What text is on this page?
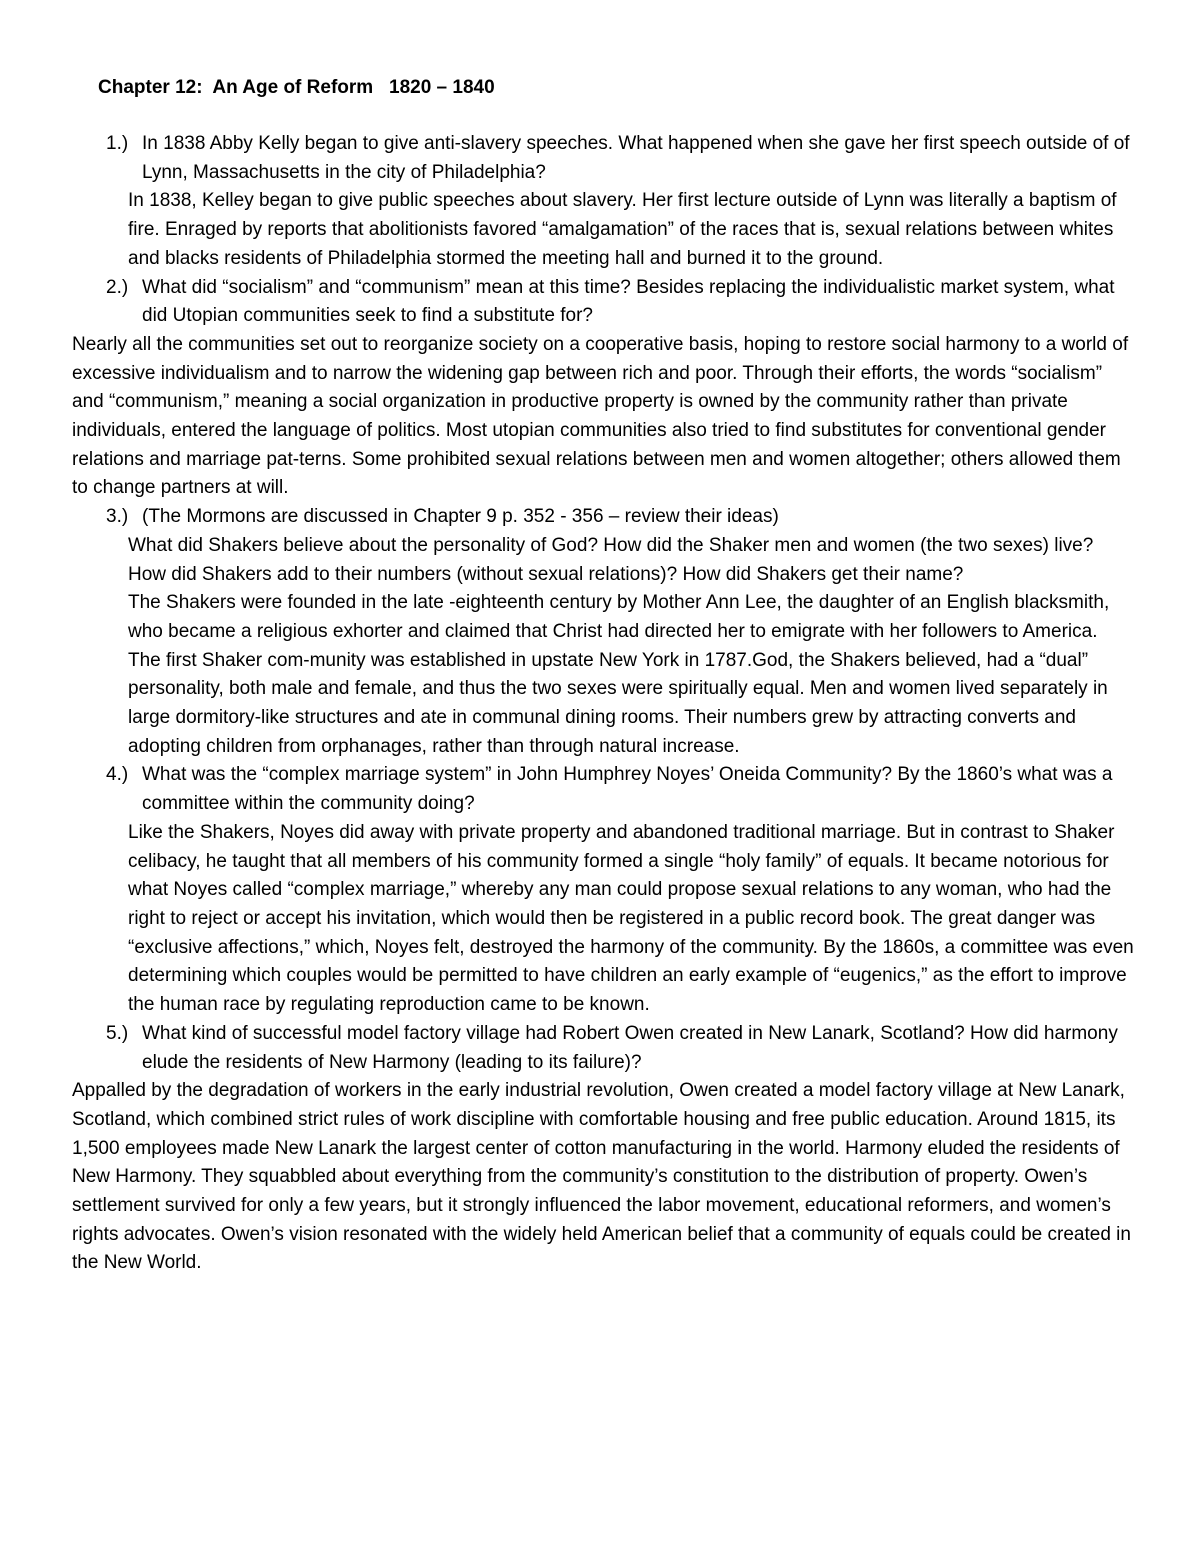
Chapter 12:  An Age of Reform   1820 – 1840

1.) In 1838 Abby Kelly began to give anti-slavery speeches. What happened when she gave her first speech outside of of Lynn, Massachusetts in the city of Philadelphia?

In 1838, Kelley began to give public speeches about slavery. Her first lecture outside of Lynn was literally a baptism of fire. Enraged by reports that abolitionists favored “amalgamation” of the races that is, sexual relations between whites and blacks residents of Philadelphia stormed the meeting hall and burned it to the ground.

2.) What did “socialism” and “communism” mean at this time? Besides replacing the individualistic market system, what did Utopian communities seek to find a substitute for?

Nearly all the communities set out to reorganize society on a cooperative basis, hoping to restore social harmony to a world of excessive individualism and to narrow the widening gap between rich and poor. Through their efforts, the words “socialism” and “communism,” meaning a social organization in productive property is owned by the community rather than private individuals, entered the language of politics. Most utopian communities also tried to find substitutes for conventional gender relations and marriage pat-terns. Some prohibited sexual relations between men and women altogether; others allowed them to change partners at will.

3.) (The Mormons are discussed in Chapter 9 p. 352 - 356 – review their ideas)

What did Shakers believe about the personality of God? How did the Shaker men and women (the two sexes) live? How did Shakers add to their numbers (without sexual relations)? How did Shakers get their name?

The Shakers were founded in the late -eighteenth century by Mother Ann Lee, the daughter of an English blacksmith, who became a religious exhorter and claimed that Christ had directed her to emigrate with her followers to America. The first Shaker com-munity was established in upstate New York in 1787.God, the Shakers believed, had a “dual” personality, both male and female, and thus the two sexes were spiritually equal. Men and women lived separately in large dormitory-like structures and ate in communal dining rooms. Their numbers grew by attracting converts and adopting children from orphanages, rather than through natural increase.

4.) What was the “complex marriage system” in John Humphrey Noyes’ Oneida Community? By the 1860’s what was a committee within the community doing?

Like the Shakers, Noyes did away with private property and abandoned traditional marriage. But in contrast to Shaker celibacy, he taught that all members of his community formed a single “holy family” of equals. It became notorious for what Noyes called “complex marriage,” whereby any man could propose sexual relations to any woman, who had the right to reject or accept his invitation, which would then be registered in a public record book. The great danger was “exclusive affections,” which, Noyes felt, destroyed the harmony of the community. By the 1860s, a committee was even determining which couples would be permitted to have children an early example of “eugenics,” as the effort to improve the human race by regulating reproduction came to be known.

5.) What kind of successful model factory village had Robert Owen created in New Lanark, Scotland? How did harmony elude the residents of New Harmony (leading to its failure)?

Appalled by the degradation of workers in the early industrial revolution, Owen created a model factory village at New Lanark, Scotland, which combined strict rules of work discipline with comfortable housing and free public education. Around 1815, its 1,500 employees made New Lanark the largest center of cotton manufacturing in the world. Harmony eluded the residents of New Harmony. They squabbled about everything from the community’s constitution to the distribution of property. Owen’s settlement survived for only a few years, but it strongly influenced the labor movement, educational reformers, and women’s rights advocates. Owen’s vision resonated with the widely held American belief that a community of equals could be created in the New World.
